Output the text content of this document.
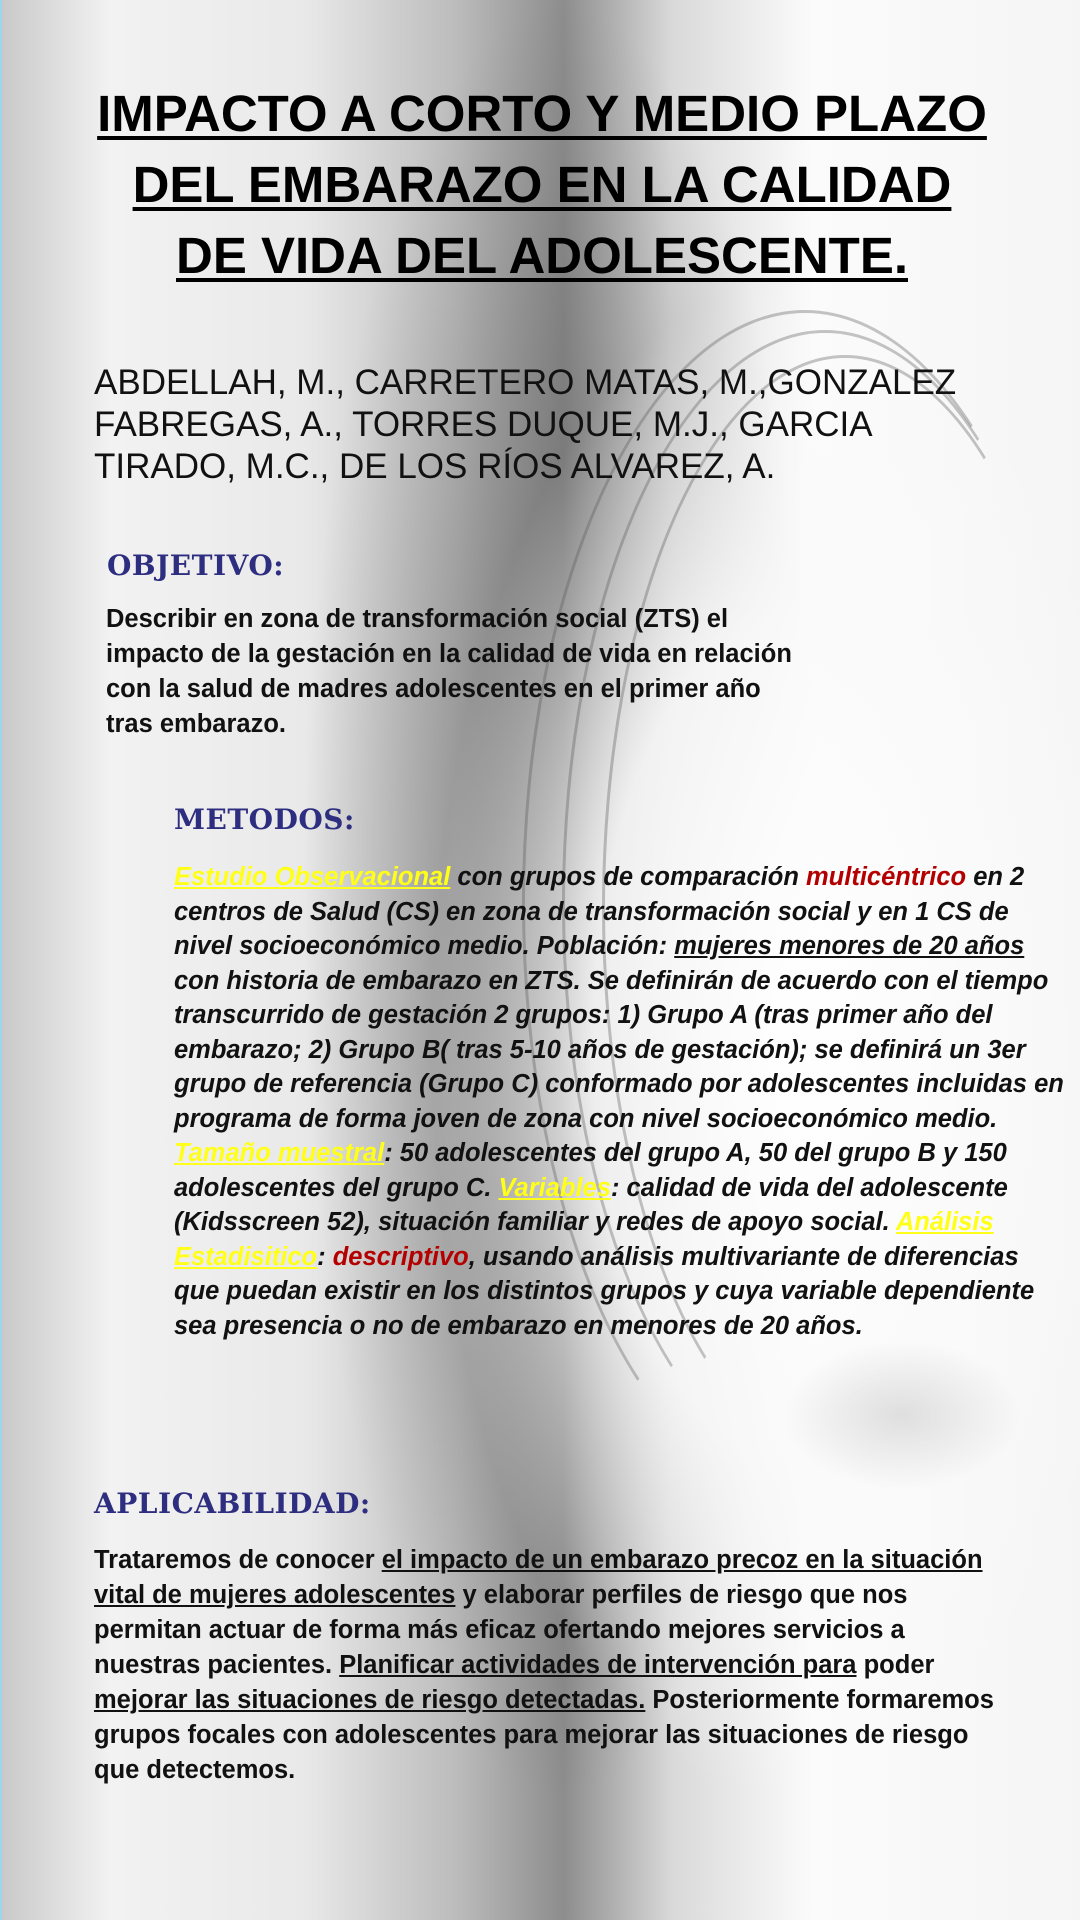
IMPACTO A CORTO Y MEDIO PLAZO DEL EMBARAZO EN LA CALIDAD DE VIDA DEL ADOLESCENTE.

ABDELLAH, M., CARRETERO MATAS, M.,GONZALEZ FABREGAS, A., TORRES DUQUE, M.J., GARCIA TIRADO, M.C., DE LOS RÍOS ALVAREZ, A.

OBJETIVO:

Describir en zona de transformación social (ZTS) el impacto de la gestación en la calidad de vida en relación con la salud de madres adolescentes en el primer año tras embarazo.

METODOS:

Estudio Observacional con grupos de comparación multicéntrico en 2 centros de Salud (CS) en zona de transformación social y en 1 CS de nivel socioeconómico medio. Población: mujeres menores de 20 años con historia de embarazo en ZTS. Se definirán de acuerdo con el tiempo transcurrido de gestación 2 grupos: 1) Grupo A (tras primer año del embarazo; 2) Grupo B( tras 5-10 años de gestación); se definirá un 3er grupo de referencia (Grupo C) conformado por adolescentes incluidas en programa de forma joven de zona con nivel socioeconómico medio. Tamaño muestral: 50 adolescentes del grupo A, 50 del grupo B y 150 adolescentes del grupo C. Variables: calidad de vida del adolescente (Kidsscreen 52), situación familiar y redes de apoyo social. Análisis Estadisitico: descriptivo, usando análisis multivariante de diferencias que puedan existir en los distintos grupos y cuya variable dependiente sea presencia o no de embarazo en menores de 20 años.

APLICABILIDAD:

Trataremos de conocer el impacto de un embarazo precoz en la situación vital de mujeres adolescentes y elaborar perfiles de riesgo que nos permitan actuar de forma más eficaz ofertando mejores servicios a nuestras pacientes. Planificar actividades de intervención para poder mejorar las situaciones de riesgo detectadas. Posteriormente formaremos grupos focales con adolescentes para mejorar las situaciones de riesgo que detectemos.
